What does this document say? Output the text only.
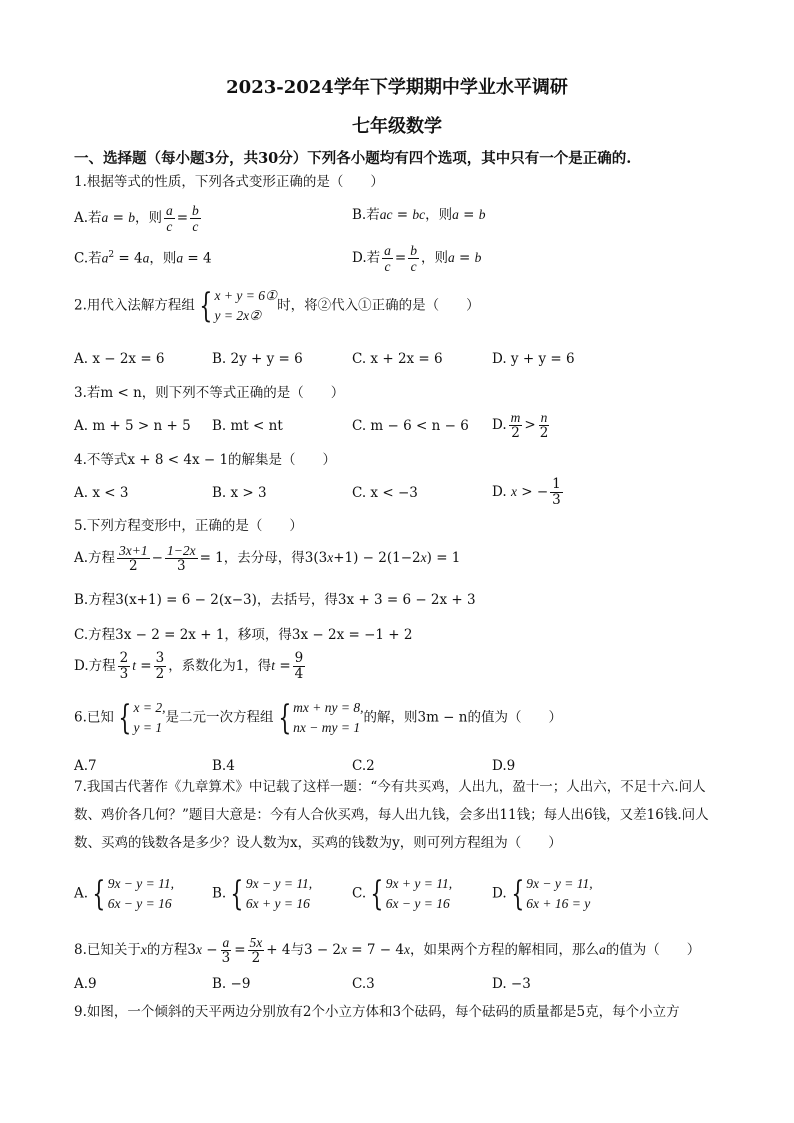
2023-2024学年下学期期中学业水平调研
七年级数学
一、选择题（每小题3分，共30分）下列各小题均有四个选项，其中只有一个是正确的.
1.根据等式的性质，下列各式变形正确的是（　　）
A.若a = b，则 $\frac{a}{c} = \frac{b}{c}$	B.若ac = bc，则a = b
C.若$a^2 = 4a$，则a = 4	D.若 $\frac{a}{c} = \frac{b}{c}$ ，则a = b
2.用代入法解方程组 { x + y = 6①
y = 2x②
时，将②代入①正确的是（　　）
A. x − 2x = 6	B. 2y + y = 6	C. x + 2x = 6	D. y + y = 6
3.若m < n，则下列不等式正确的是（　　）
A. m + 5 > n + 5 B. mt < nt	C. m − 6 < n − 6 D. $\frac{m}{2} > \frac{n}{2}$
4.不等式x + 8 < 4x − 1的解集是（　　）
A. x < 3	B. x > 3	C. x < −3	D. x > − $\frac{1}{3}$
5.下列方程变形中，正确的是（　　）
A.方程 $\frac{3x+1}{2} - \frac{1-2x}{3} = 1$，去分母，得3(3x+1) − 2(1−2x) = 1
B.方程3(x+1) = 6 − 2(x−3)，去括号，得3x + 3 = 6 − 2x + 3
C.方程3x − 2 = 2x + 1，移项，得3x − 2x = −1 + 2
D.方程 $\frac{2}{3}$ $t = \frac{3}{2}$ ，系数化为1，得$t = \frac{9}{4}$
6.已知 { x = 2,
y = 1
是二元一次方程组 { mx + ny = 8,
nx − my = 1
的解，则3m − n的值为（　　）
A.7	B.4	C.2	D.9
7.我国古代著作《九章算术》中记载了这样一题：“今有共买鸡，人出九，盈十一；人出六，不足十六.问人数、鸡价各几何？”题目大意是：今有人合伙买鸡，每人出九钱，会多出11钱；每人出6钱，又差16钱.问人数、买鸡的钱数各是多少？设人数为x，买鸡的钱数为y，则可列方程组为（　　）
A. { 9x − y = 11,
6x − y = 16
B. { 9x − y = 11,
6x + y = 16
C. { 9x + y = 11,
6x − y = 16
D. { 9x − y = 11,
6x + 16 = y
8.已知关于x的方程$3x - \frac{a}{3} = \frac{5x}{2} + 4$与3 − 2x = 7 − 4x，如果两个方程的解相同，那么a的值为（　　）
A.9	B. −9	C.3	D. −3
9.如图，一个倾斜的天平两边分别放有2个小立方体和3个砝码，每个砝码的质量都是5克，每个小立方
